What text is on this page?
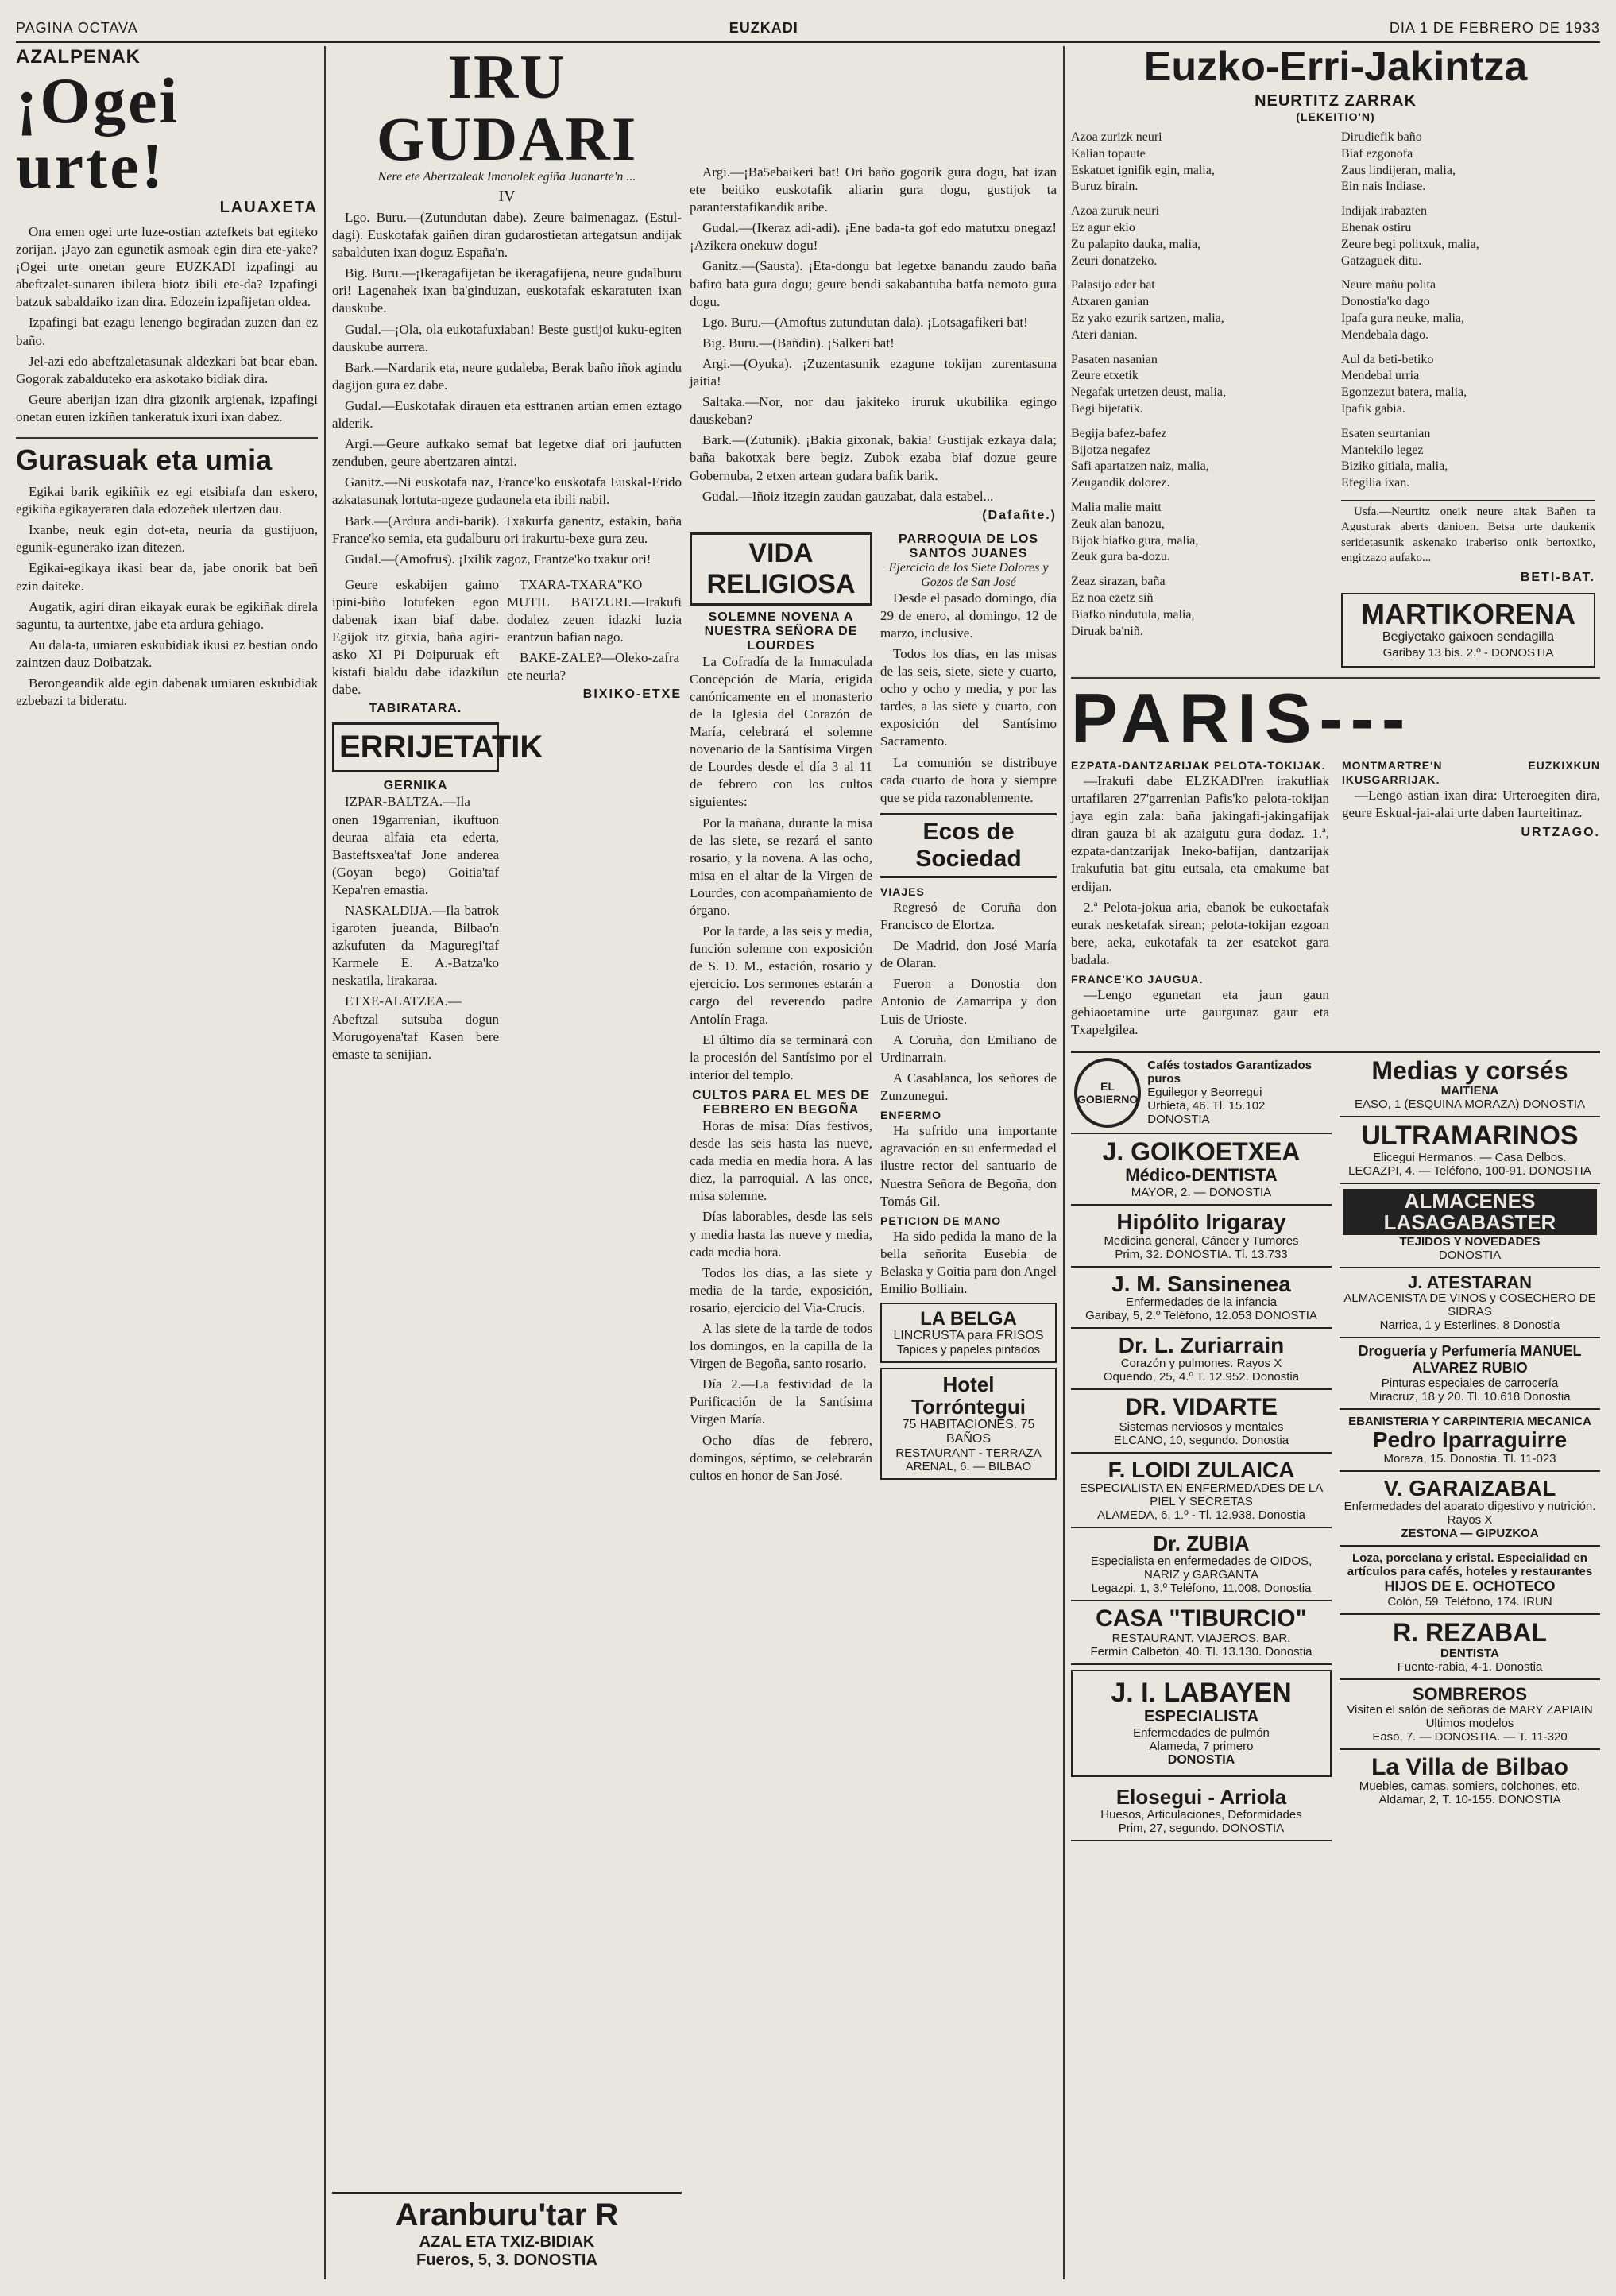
PAGINA OCTAVA	EUZKADI	DIA 1 DE FEBRERO DE 1933
AZALPENAK
¡Ogei urte!
LAUAXETA

Ona emen ogei urte luze-ostian aztefkets bat egiteko zorijan. ¡Jayo zan egunetik asmoak egin dira ete-yake? ¡Ogei urte onetan geure EUZKADI izpafingi au abeftzalet-sunaren ibilera biotz ibili ete-da? Izpafingi batzuk sabaldaiko izan dira. Edozein izpafijetan oldea.

Izpafingi bat ezagu lenengo begiradan zuzen dan ez baño.

Jel-azi edo abeftzaletasunak aldezkari bat bear eban. Gogorak zabalduteko era askotako bidiak dira.

Geure aberijan izan dira gizonik argienak, izpafingi onetan euren izkiñen tankeratuk ixuri ixan dabez.

Gurasuak eta umia

Egikai barik egikiñik ez egi etsibiafa dan eskero, egikiña egikayeraren dala edozeñek ulertzen dau.

Ixanbe, neuk egin dot-eta, neuria da gustijuon, egunik-egunerako izan ditezen.

Egikai-egikaya ikasi bear da, jabe onorik bat beñ ezin daiteke.

Augatik, agiri diran eikayak eurak be egikiñak direla saguntu, ta aurtentxe, jabe eta ardura gehiago.

Au dala-ta, umiaren eskubidiak ikusi ez bestian ondo zaintzen dauz Doibatzak.

Berongeandik alde egin dabenak umiaren eskubidiak ezbebazi ta bideratu.

IRU GUDARI
Nere ete Abertzaleak Imanolek egiña Juanarte'n ...
IV

Lgo. Buru.—(Zutundutan dabe). Zeure baimenagaz. (Estul-dagi). Euskotafak gaiñen diran gudarostietan artegatsun andijak sabalduten ixan doguz España'n.

Big. Buru.—¡Ikeragafijetan be ikeragafijena, neure gudalburu ori! Lagenahek ixan ba'ginduzan, euskotafak eskaratuten ixan dauskube.

Gudal.—¡Ola, ola eukotafuxiaban! Beste gustijoi kuku-egiten dauskube aurrera.

Bark.—Nardarik eta, neure gudaleba, Berak baño iñok agindu dagijon gura ez dabe.

Gudal.—Euskotafak dirauen eta esttranen artian emen eztago alderik.

Argi.—Geure aufkako semaf bat legetxe diaf ori jaufutten zenduben, geure abertzaren aintzi.

Ganitz.—Ni euskotafa naz, France'ko euskotafa Euskal-Erido azkatasunak lortuta-ngeze gudaonela eta ibili nabil.

Bark.—(Ardura andi-barik). Txakurfa ganentz, estakin, baña France'ko semia, eta gudalburu ori irakurtu-bexe gura zeu.

Gudal.—(Amofrus). ¡Ixilik zagoz, Frantze'ko txakur ori!

Geure eskabijen gaimo ipini-biño lotufeken egon dabenak ixan biaf dabe. Egijok itz gitxia, baña agiri-asko XI Pi Doipuruak eft kistafi bialdu dabe idazkilun dabe.

TABIRATARA.
ERRIJETATIK
GERNIKA

IZPAR-BALTZA.—Ila onen 19garrenian, ikuftuon deuraa alfaia eta ederta, Basteftsxea'taf Jone anderea (Goyan bego) Goitia'taf Kepa'ren emastia.

NASKALDIJA.—Ila batrok igaroten jueanda, Bilbao'n azkufuten da Maguregi'taf Karmele E. A.-Batza'ko neskatila, lirakaraa.

ETXE-ALATZEA.—Abeftzal sutsuba dogun Morugoyena'taf Kasen bere emaste ta senijian.

TXARA-TXARA"KO MUTIL BATZURI.—Irakufi dodalez zeuen idazki luzia erantzun bafian nago.

BAKE-ZALE?—Oleko-zafra ete neurla?

BIXIKO-ETXE
Aranburu'tar R
AZAL ETA TXIZ-BIDIAK
Fueros, 5, 3. DONOSTIA

Argi.—¡Ba5ebaikeri bat! Ori baño gogorik gura dogu, bat izan ete beitiko euskotafik aliarin gura dogu, gustijok ta paranterstafikandik aribe.

Gudal.—(Ikeraz adi-adi). ¡Ene bada-ta gof edo matutxu onegaz! ¡Azikera onekuw dogu!

Ganitz.—(Sausta). ¡Eta-dongu bat legetxe banandu zaudo baña bafiro bata gura dogu; geure bendi sakabantuba batfa nemoto gura dogu.

Lgo. Buru.—(Amoftus zutundutan dala). ¡Lotsagafikeri bat!

Big. Buru.—(Bañdin). ¡Salkeri bat!

Argi.—(Oyuka). ¡Zuzentasunik ezagune tokijan zurentasuna jaitia!

Saltaka.—Nor, nor dau jakiteko iruruk ukubilika egingo dauskeban?

Bark.—(Zutunik). ¡Bakia gixonak, bakia! Gustijak ezkaya dala; baña bakotxak bere begiz. Zubok ezaba biaf dozue geure Gobernuba, 2 etxen artean gudara bafik barik.

Gudal.—Iñoiz itzegin zaudan gauzabat, dala estabel...

(Dafañte.)
VIDA RELIGIOSA
SOLEMNE NOVENA A NUESTRA SEÑORA DE LOURDES

La Cofradía de la Inmaculada Concepción de María, erigida canónicamente en el monasterio de la Iglesia del Corazón de María, celebrará el solemne novenario de la Santísima Virgen de Lourdes desde el día 3 al 11 de febrero con los cultos siguientes:

Por la mañana, durante la misa de las siete, se rezará el santo rosario, y la novena. A las ocho, misa en el altar de la Virgen de Lourdes, con acompañamiento de órgano.

Por la tarde, a las seis y media, función solemne con exposición de S. D. M., estación, rosario y ejercicio. Los sermones estarán a cargo del reverendo padre Antolín Fraga.

El último día se terminará con la procesión del Santísimo por el interior del templo.

CULTOS PARA EL MES DE FEBRERO EN BEGOÑA

Horas de misa: Días festivos, desde las seis hasta las nueve, cada media en media hora. A las diez, la parroquial. A las once, misa solemne.

Días laborables, desde las seis y media hasta las nueve y media, cada media hora.

Todos los días, a las siete y media de la tarde, exposición, rosario, ejercicio del Via-Crucis.

A las siete de la tarde de todos los domingos, en la capilla de la Virgen de Begoña, santo rosario.

Día 2.—La festividad de la Purificación de la Santísima Virgen María.

Ocho días de febrero, domingos, séptimo, se celebrarán cultos en honor de San José.

PARROQUIA DE LOS SANTOS JUANES
Ejercicio de los Siete Dolores y Gozos de San José

Desde el pasado domingo, día 29 de enero, al domingo, 12 de marzo, inclusive.

Todos los días, en las misas de las seis, siete, siete y cuarto, ocho y ocho y media, y por las tardes, a las siete y cuarto, con exposición del Santísimo Sacramento.

La comunión se distribuye cada cuarto de hora y siempre que se pida razonablemente.

Ecos de Sociedad
VIAJES

Regresó de Coruña don Francisco de Elortza.

De Madrid, don José María de Olaran.

Fueron a Donostia don Antonio de Zamarripa y don Luis de Urioste.

A Coruña, don Emiliano de Urdinarrain.

A Casablanca, los señores de Zunzunegui.

ENFERMO

Ha sufrido una importante agravación en su enfermedad el ilustre rector del santuario de Nuestra Señora de Begoña, don Tomás Gil.

PETICION DE MANO

Ha sido pedida la mano de la bella señorita Eusebia de Belaska y Goitia para don Angel Emilio Bolliain.

LA BELGA
LINCRUSTA para FRISOS
Tapices y papeles pintados
Hotel Torróntegui
75 HABITACIONES. 75 BAÑOS
RESTAURANT - TERRAZA
ARENAL, 6. — BILBAO
Euzko-Erri-Jakintza
NEURTITZ ZARRAK
(LEKEITIO'N)
Azoa zurizk neuri
Kalian topaute
Eskatuet ignifik egin, malia,
Buruz birain.
Azoa zuruk neuri
Ez agur ekio
Zu palapito dauka, malia,
Zeuri donatzeko.
Palasijo eder bat
Atxaren ganian
Ez yako ezurik sartzen, malia,
Ateri danian.
Pasaten nasanian
Zeure etxetik
Negafak urtetzen deust, malia,
Begi bijetatik.
Begija bafez-bafez
Bijotza negafez
Safi apartatzen naiz, malia,
Zeugandik dolorez.
Malia malie maitt
Zeuk alan banozu,
Bijok biafko gura, malia,
Zeuk gura ba-dozu.
Zeaz sirazan, baña
Ez noa ezetz siñ
Biafko nindutula, malia,
Diruak ba'niñ.
Dirudiefik baño
Biaf ezgonofa
Zaus lindijeran, malia,
Ein nais Indiase.
Indijak irabazten
Ehenak ostiru
Zeure begi politxuk, malia,
Gatzaguek ditu.
Neure mañu polita
Donostia'ko dago
Ipafa gura neuke, malia,
Mendebala dago.
Aul da beti-betiko
Mendebal urria
Egonzezut batera, malia,
Ipafik gabia.
Esaten seurtanian
Mantekilo legez
Biziko gitiala, malia,
Efegilia ixan.

Usfa.—Neurtitz oneik neure aitak Bañen ta Agusturak aberts danioen. Betsa urte daukenik seridetasunik askenako iraberiso onik bertoxiko, engitzazo aufako...

BETI-BAT.
MARTIKORENA
Begiyetako gaixoen sendagilla
Garibay 13 bis. 2.º - DONOSTIA
PARIS---
EZPATA-DANTZARIJAK PELOTA-TOKIJAK.

—Irakufi dabe ELZKADI'ren irakufliak urtafilaren 27'garrenian Pafis'ko pelota-tokijan jaya egin zala: baña jakingafi-jakingafijak diran gauza bi ak azaigutu gura dodaz. 1.ª, ezpata-dantzarijak Ineko-bafijan, dantzarijak Irakufutia bat gitu eutsala, eta emakume bat erdijan.

2.ª Pelota-jokua aria, ebanok be eukoetafak eurak nesketafak sirean; pelota-tokijan ezgoan bere, aeka, eukotafak ta zer esatekot gara badala.

FRANCE'KO JAUGUA.

—Lengo egunetan eta jaun gaun gehiaoetamine urte gaurgunaz gaur eta Txapelgilea.

MONTMARTRE'N EUZKIXKUN IKUSGARRIJAK.

—Lengo astian ixan dira: Urteroegiten dira, geure Eskual-jai-alai urte daben Iaurteitinaz.

URTZAGO.
EL GOBIERNO
Cafés tostados Garantizados puros
Eguilegor y Beorregui
Urbieta, 46. Tl. 15.102 DONOSTIA
J. GOIKOETXEA
Médico-DENTISTA
MAYOR, 2. — DONOSTIA
Hipólito Irigaray
Medicina general, Cáncer y Tumores
Prim, 32. DONOSTIA. Tl. 13.733
J. M. Sansinenea
Enfermedades de la infancia
Garibay, 5, 2.º Teléfono, 12.053 DONOSTIA
Dr. L. Zuriarrain
Corazón y pulmones. Rayos X
Oquendo, 25, 4.º T. 12.952. Donostia
DR. VIDARTE
Sistemas nerviosos y mentales
ELCANO, 10, segundo. Donostia
F. LOIDI ZULAICA
ESPECIALISTA EN ENFERMEDADES DE LA PIEL Y SECRETAS
ALAMEDA, 6, 1.º - Tl. 12.938. Donostia
Dr. ZUBIA
Especialista en enfermedades de OIDOS, NARIZ y GARGANTA
Legazpi, 1, 3.º Teléfono, 11.008. Donostia
CASA "TIBURCIO"
RESTAURANT. VIAJEROS. BAR.
Fermín Calbetón, 40. Tl. 13.130. Donostia
J. I. LABAYEN
ESPECIALISTA
Enfermedades de pulmón
Alameda, 7 primero
DONOSTIA
Elosegui - Arriola
Huesos, Articulaciones, Deformidades
Prim, 27, segundo. DONOSTIA
Medias y corsés
MAITIENA
EASO, 1 (ESQUINA MORAZA) DONOSTIA
ULTRAMARINOS
Elicegui Hermanos. — Casa Delbos.
LEGAZPI, 4. — Teléfono, 100-91. DONOSTIA
ALMACENES LASAGABASTER
TEJIDOS Y NOVEDADES
DONOSTIA
J. ATESTARAN
ALMACENISTA DE VINOS y COSECHERO DE SIDRAS
Narrica, 1 y Esterlines, 8 Donostia
Droguería y Perfumería MANUEL ALVAREZ RUBIO
Pinturas especiales de carrocería
Miracruz, 18 y 20. Tl. 10.618 Donostia
EBANISTERIA Y CARPINTERIA MECANICA
Pedro Iparraguirre
Moraza, 15. Donostia. Tl. 11-023
V. GARAIZABAL
Enfermedades del aparato digestivo y nutrición. Rayos X
ZESTONA — GIPUZKOA
Loza, porcelana y cristal. Especialidad en artículos para cafés, hoteles y restaurantes
HIJOS DE E. OCHOTECO
Colón, 59. Teléfono, 174. IRUN
R. REZABAL
DENTISTA
Fuente-rabia, 4-1. Donostia
SOMBREROS
Visiten el salón de señoras de MARY ZAPIAIN
Ultimos modelos
Easo, 7. — DONOSTIA. — T. 11-320
La Villa de Bilbao
Muebles, camas, somiers, colchones, etc.
Aldamar, 2, T. 10-155. DONOSTIA
